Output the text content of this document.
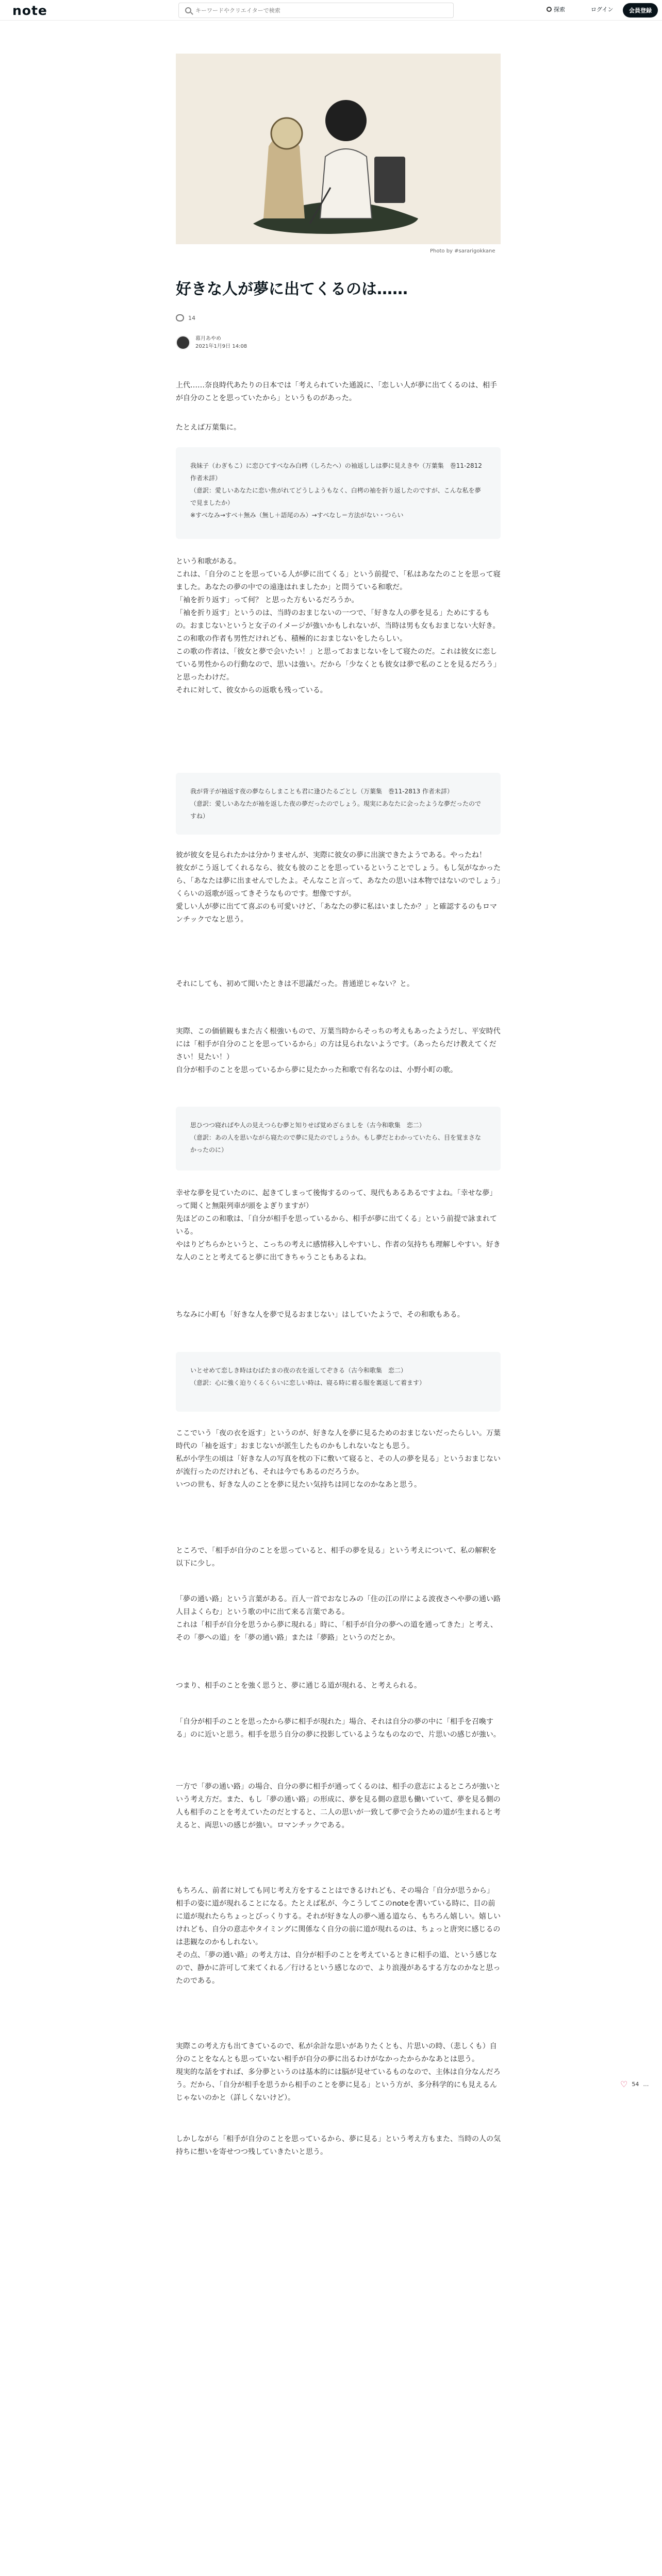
note
キーワードやクリエイターで検索	探索	ログイン	会員登録
Photo by #sararigokkane
好きな人が夢に出てくるのは……
14
幕月あやめ
2021年1月9日 14:08
上代……奈良時代あたりの日本では「考えられていた通説に、「恋しい人が夢に出てくるのは、相手が自分のことを思っていたから」というものがあった。
たとえば万葉集に。
我妹子（わぎもこ）に恋ひてすべなみ白栲（しろたへ）の袖返ししは夢に見えきや（万葉集　巻11-2812 作者未詳）
（意訳：愛しいあなたに恋い焦がれてどうしようもなく、白栲の袖を折り返したのですが、こんな私を夢で見ましたか）
※すべなみ→すべ＋無み（無し＋語尾のみ）→すべなし＝方法がない・つらい
という和歌がある。
これは、「自分のことを思っている人が夢に出てくる」という前提で、「私はあなたのことを思って寝ました。あなたの夢の中での遠逢はれましたか」と問うている和歌だ。
「袖を折り返す」って何？ と思った方もいるだろうか。
「袖を折り返す」というのは、当時のおまじないの一つで、「好きな人の夢を見る」ためにするもの。おまじないというと女子のイメージが強いかもしれないが、当時は男も女もおまじない大好き。この和歌の作者も男性だけれども、積極的におまじないをしたらしい。
この歌の作者は、「彼女と夢で会いたい！」と思っておまじないをして寝たのだ。これは彼女に恋している男性からの行動なので、思いは強い。だから「少なくとも彼女は夢で私のことを見るだろう」と思ったわけだ。
それに対して、彼女からの返歌も残っている。
我が背子が袖返す夜の夢ならしまことも君に逢ひたるごとし（万葉集　巻11-2813 作者未詳）
（意訳：愛しいあなたが袖を返した夜の夢だったのでしょう。現実にあなたに会ったような夢だったのですね）
彼が彼女を見られたかは分かりませんが、実際に彼女の夢に出演できたようである。やったね！
彼女がこう返してくれるなら、彼女も彼のことを思っているということでしょう。もし気がなかったら、「あなたは夢に出ませんでしたよ。そんなこと言って、あなたの思いは本物ではないのでしょう」くらいの返歌が返ってきそうなものです。想像ですが。
愛しい人が夢に出てて喜ぶのも可愛いけど、「あなたの夢に私はいましたか？」と確認するのもロマンチックでなと思う。
それにしても、初めて聞いたときは不思議だった。普通逆じゃない？と。
実際、この価値観もまた古く根強いもので、万葉当時からそっちの考えもあったようだし、平安時代には「相手が自分のことを思っているから」の方は見られないようです。（あったらだけ教えてください！見たい！）
自分が相手のことを思っているから夢に見たかった和歌で有名なのは、小野小町の歌。
思ひつつ寝ればや人の見えつらむ夢と知りせば覚めざらましを（古今和歌集　恋二）
（意訳：あの人を思いながら寝たので夢に見たのでしょうか。もし夢だとわかっていたら、目を覚まさなかったのに）
幸せな夢を見ていたのに、起きてしまって後悔するのって、現代もあるあるですよね。「幸せな夢」って聞くと無限列車が頭をよぎりますが）
先ほどのこの和歌は、「自分が相手を思っているから、相手が夢に出てくる」という前提で詠まれている。
やはりどちらかというと、こっちの考えに感情移入しやすいし、作者の気持ちも理解しやすい。好きな人のことと考えてると夢に出てきちゃうこともあるよね。
ちなみに小町も「好きな人を夢で見るおまじない」はしていたようで、その和歌もある。
いとせめて恋しき時はむばたまの夜の衣を返してぞきる（古今和歌集　恋二）
（意訳：心に強く迫りくるくらいに恋しい時は、寝る時に着る服を裏返して着ます）
ここでいう「夜の衣を返す」というのが、好きな人を夢に見るためのおまじないだったらしい。万葉時代の「袖を返す」おまじないが派生したものかもしれないなとも思う。
私が小学生の頃は「好きな人の写真を枕の下に敷いて寝ると、その人の夢を見る」というおまじないが流行ったのだけれども、それは今でもあるのだろうか。
いつの世も、好きな人のことを夢に見たい気持ちは同じなのかなあと思う。
ところで、「相手が自分のことを思っていると、相手の夢を見る」という考えについて、私の解釈を以下に少し。
「夢の通い路」という言葉がある。百人一首でおなじみの「住の江の岸による波夜さへや夢の通い路人目よくらむ」という歌の中に出て来る言葉である。
これは「相手が自分を思うから夢に現れる」時に、「相手が自分の夢への道を通ってきた」と考え、その「夢への道」を「夢の通い路」または「夢路」というのだとか。
つまり、相手のことを強く思うと、夢に通じる道が現れる、と考えられる。
「自分が相手のことを思ったから夢に相手が現れた」場合、それは自分の夢の中に「相手を召喚する」のに近いと思う。相手を思う自分の夢に投影しているようなものなので、片思いの感じが強い。
一方で「夢の通い路」の場合、自分の夢に相手が通ってくるのは、相手の意志によるところが強いという考え方だ。また、もし「夢の通い路」の形成に、夢を見る側の意思も働いていて、夢を見る側の人も相手のことを考えていたのだとすると、二人の思いが一致して夢で会うための道が生まれると考えると、両思いの感じが強い。ロマンチックである。
もちろん、前者に対しても同じ考え方をすることはできるけれども、その場合「自分が思うから」相手の姿に道が現れることになる。たとえば私が、今こうしてこのnoteを書いている時に、目の前に道が現れたらちょっとびっくりする。それが好きな人の夢へ通る道なら、もちろん嬉しい。嬉しいけれども、自分の意志やタイミングに関係なく自分の前に道が現れるのは、ちょっと唐突に感じるのは悲観なのかもしれない。
その点、「夢の通い路」の考え方は、自分が相手のことを考えているときに相手の道、という感じなので、静かに許可して来てくれる／行けるという感じなので、より浪漫があるする方なのかなと思ったのである。
実際この考え方も出てきているので、私が余計な思いがありたくとも、片思いの時、（悲しくも）自分のことをなんとも思っていない相手が自分の夢に出るわけがなかったからかなあとは思う。
現実的な話をすれば、多分夢というのは基本的には脳が見せているものなので、主体は自分なんだろう。だから、「自分が相手を思うから相手のことを夢に見る」という方が、多分科学的にも見えるんじゃないのかと（詳しくないけど）。
しかしながら「相手が自分のことを思っているから、夢に見る」という考え方もまた、当時の人の気持ちに想いを寄せつつ残していきたいと思う。
♡ 54 …
